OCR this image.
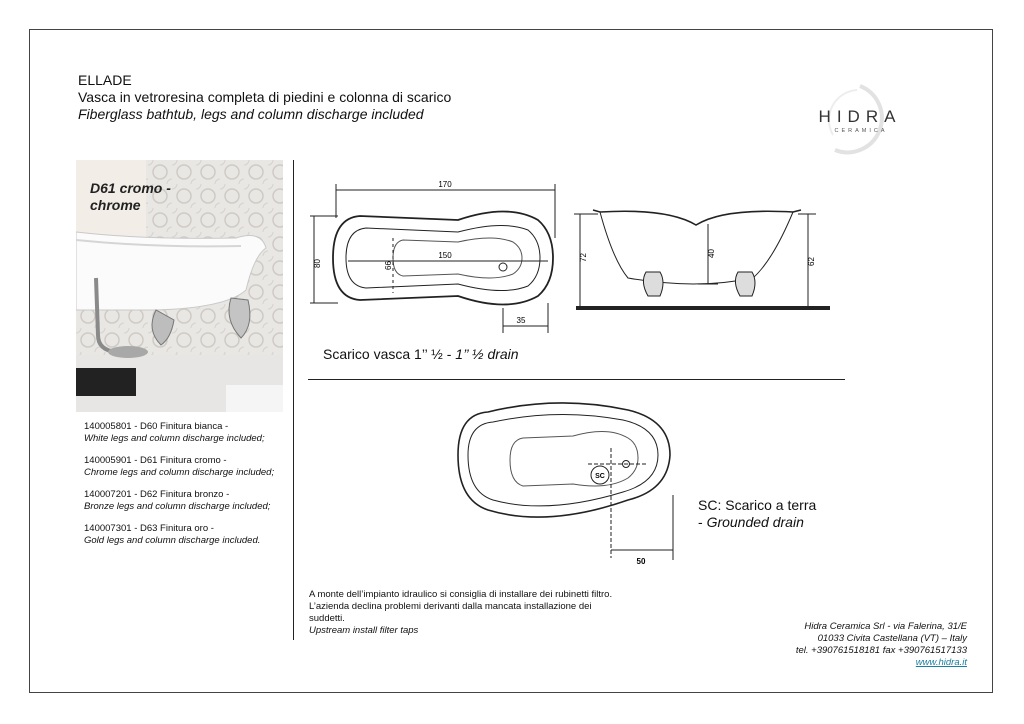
ELLADE
Vasca in vetroresina completa di piedini e colonna di scarico
Fiberglass bathtub, legs and column discharge included	HIDRA
CERAMICA
D61 cromo - chrome
170
150
80	66
35
72	40
62
Scarico vasca 1’’ ½ - 1’’ ½ drain
140005801 - D60 Finitura bianca -
White legs and column discharge included;
140005901 - D61 Finitura cromo -
Chrome legs and column discharge included;
140007201 - D62 Finitura bronzo -
Bronze legs and column discharge included;
140007301 - D63 Finitura oro -
Gold legs and column discharge included.
SC
50
SC: Scarico a terra - Grounded drain
A monte dell’impianto idraulico si consiglia di installare dei rubinetti filtro. L’azienda declina problemi derivanti dalla mancata installazione dei suddetti.
Upstream install filter taps	Hidra Ceramica Srl - via Falerina, 31/E
01033 Civita Castellana (VT) – Italy
tel. +390761518181 fax +390761517133
www.hidra.it
